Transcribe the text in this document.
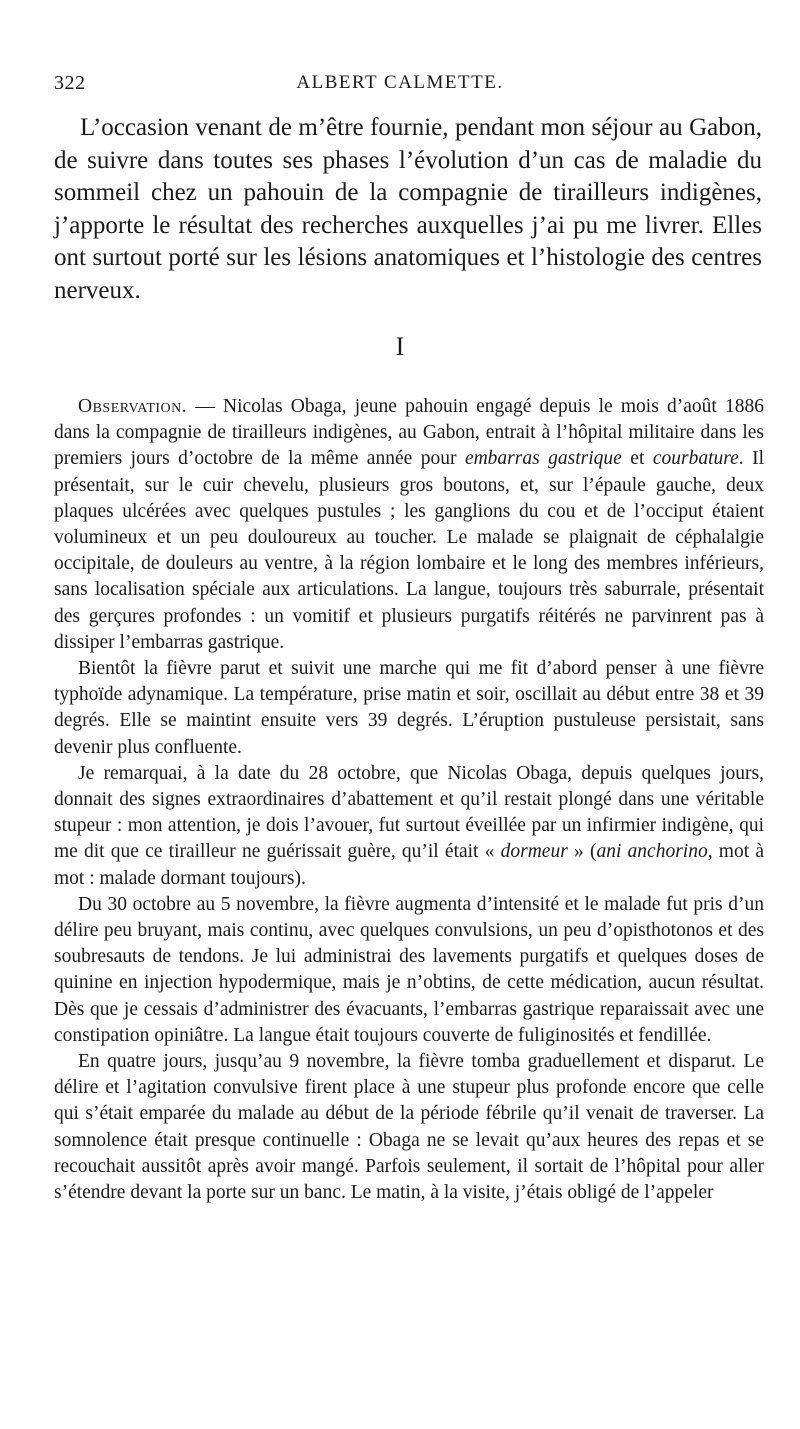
322	ALBERT CALMETTE.

L’occasion venant de m’être fournie, pendant mon séjour au Gabon, de suivre dans toutes ses phases l’évolution d’un cas de maladie du sommeil chez un pahouin de la compagnie de tirailleurs indigènes, j’apporte le résultat des recherches auxquelles j’ai pu me livrer. Elles ont surtout porté sur les lésions anatomiques et l’histologie des centres nerveux.

I

Observation. — Nicolas Obaga, jeune pahouin engagé depuis le mois d’août 1886 dans la compagnie de tirailleurs indigènes, au Gabon, entrait à l’hôpital militaire dans les premiers jours d’octobre de la même année pour embarras gastrique et courbature. Il présentait, sur le cuir chevelu, plusieurs gros boutons, et, sur l’épaule gauche, deux plaques ulcérées avec quelques pustules ; les ganglions du cou et de l’occiput étaient volumineux et un peu douloureux au toucher. Le malade se plaignait de céphalalgie occipitale, de douleurs au ventre, à la région lombaire et le long des membres inférieurs, sans localisation spéciale aux articulations. La langue, toujours très saburrale, présentait des gerçures profondes : un vomitif et plusieurs purgatifs réitérés ne parvinrent pas à dissiper l’embarras gastrique.

Bientôt la fièvre parut et suivit une marche qui me fit d’abord penser à une fièvre typhoïde adynamique. La température, prise matin et soir, oscillait au début entre 38 et 39 degrés. Elle se maintint ensuite vers 39 degrés. L’éruption pustuleuse persistait, sans devenir plus confluente.

Je remarquai, à la date du 28 octobre, que Nicolas Obaga, depuis quelques jours, donnait des signes extraordinaires d’abattement et qu’il restait plongé dans une véritable stupeur : mon attention, je dois l’avouer, fut surtout éveillée par un infirmier indigène, qui me dit que ce tirailleur ne guérissait guère, qu’il était « dormeur » (ani anchorino, mot à mot : malade dormant toujours).

Du 30 octobre au 5 novembre, la fièvre augmenta d’intensité et le malade fut pris d’un délire peu bruyant, mais continu, avec quelques convulsions, un peu d’opisthotonos et des soubresauts de tendons. Je lui administrai des lavements purgatifs et quelques doses de quinine en injection hypodermique, mais je n’obtins, de cette médication, aucun résultat. Dès que je cessais d’administrer des évacuants, l’embarras gastrique reparaissait avec une constipation opiniâtre. La langue était toujours couverte de fuliginosités et fendillée.

En quatre jours, jusqu’au 9 novembre, la fièvre tomba graduellement et disparut. Le délire et l’agitation convulsive firent place à une stupeur plus profonde encore que celle qui s’était emparée du malade au début de la période fébrile qu’il venait de traverser. La somnolence était presque continuelle : Obaga ne se levait qu’aux heures des repas et se recouchait aussitôt après avoir mangé. Parfois seulement, il sortait de l’hôpital pour aller s’étendre devant la porte sur un banc. Le matin, à la visite, j’étais obligé de l’appeler
